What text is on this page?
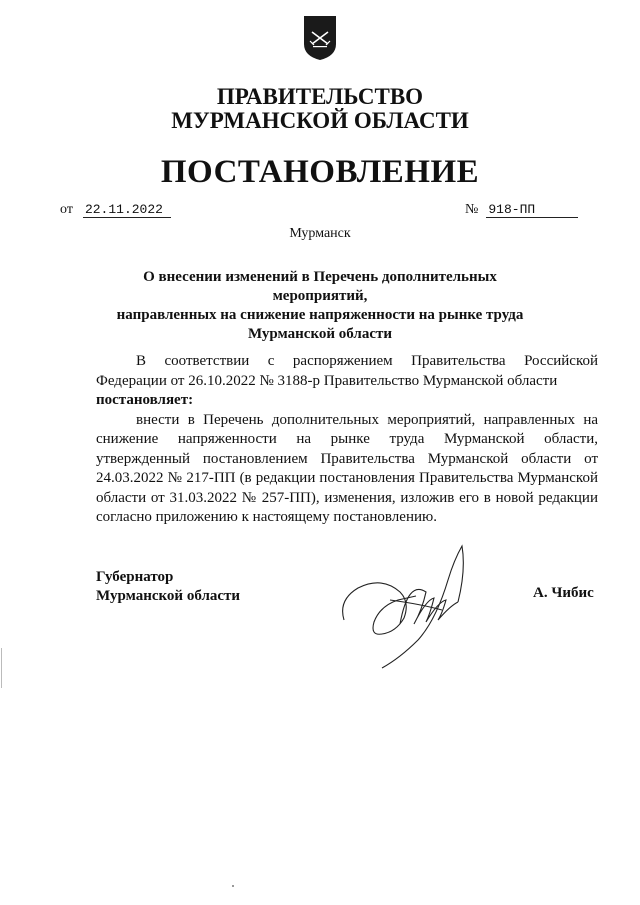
ПРАВИТЕЛЬСТВО
МУРМАНСКОЙ ОБЛАСТИ
ПОСТАНОВЛЕНИЕ
от 22.11.2022	№ 918-ПП
Мурманск
О внесении изменений в Перечень дополнительных мероприятий,
направленных на снижение напряженности на рынке труда
Мурманской области

В соответствии с распоряжением Правительства Российской Федерации от 26.10.2022 № 3188-р Правительство Мурманской области

постановляет:

внести в Перечень дополнительных мероприятий, направленных на снижение напряженности на рынке труда Мурманской области, утвержденный постановлением Правительства Мурманской области от 24.03.2022 № 217-ПП (в редакции постановления Правительства Мурманской области от 31.03.2022 № 257-ПП), изменения, изложив его в новой редакции согласно приложению к настоящему постановлению.

Губернатор
Мурманской области	А. Чибис
